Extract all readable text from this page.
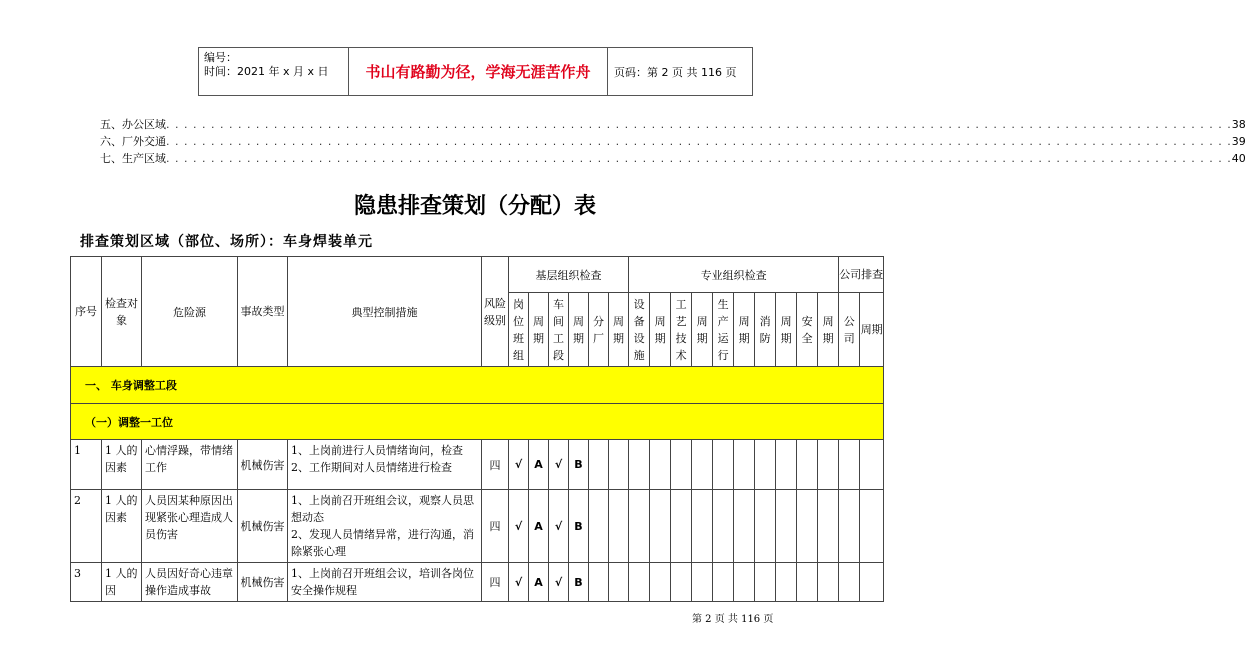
编号：
时间：2021 年 x 月 x 日	书山有路勤为径，学海无涯苦作舟	页码：第 2 页 共 116 页
五、 办公区域 . . . . . . . . . . . . . . . . . . . . . . . . . . . . . . . . . . . . . . . . . . . . . . . . . . . . . . . . . . . . . . . . . . . . . . . . . . . . . . . . . . . . . . . . . . . . . . . . . . . . . . . . . . . . . . . . . . . . . . . 38
六、 厂外交通 . . . . . . . . . . . . . . . . . . . . . . . . . . . . . . . . . . . . . . . . . . . . . . . . . . . . . . . . . . . . . . . . . . . . . . . . . . . . . . . . . . . . . . . . . . . . . . . . . . . . . . . . . . . . . . . . . . . . . . . 39
七、 生产区域 . . . . . . . . . . . . . . . . . . . . . . . . . . . . . . . . . . . . . . . . . . . . . . . . . . . . . . . . . . . . . . . . . . . . . . . . . . . . . . . . . . . . . . . . . . . . . . . . . . . . . . . . . . . . . . . . . . . . . . . 40
隐患排查策划（分配）表
排查策划区域（部位、场所）：车身焊装单元
序号	检查对象	危险源	事故类型	典型控制措施	风险级别	基层组织检查						专业组织检查										公司排查	
						岗位班组	周期	车间工段	周期	分厂	周期	设备设施	周期	工艺技术	周期	生产运行	周期	消防	周期	安全	周期	公司	周期
一、 车身调整工段																							
（一）调整一工位																							
1	1 人的因素	心情浮躁，带情绪工作	机械伤害	1、上岗前进行人员情绪询问，检查
2、工作期间对人员情绪进行检查	四	√	A	√	B														
2	1 人的因素	人员因某种原因出现紧张心理造成人员伤害	机械伤害	1、上岗前召开班组会议，观察人员思想动态
2、发现人员情绪异常，进行沟通，消除紧张心理	四	√	A	√	B														
3	1 人的因	人员因好奇心违章操作造成事故	机械伤害	1、上岗前召开班组会议，培训各岗位安全操作规程	四	√	A	√	B														
第 2 页 共 116 页
